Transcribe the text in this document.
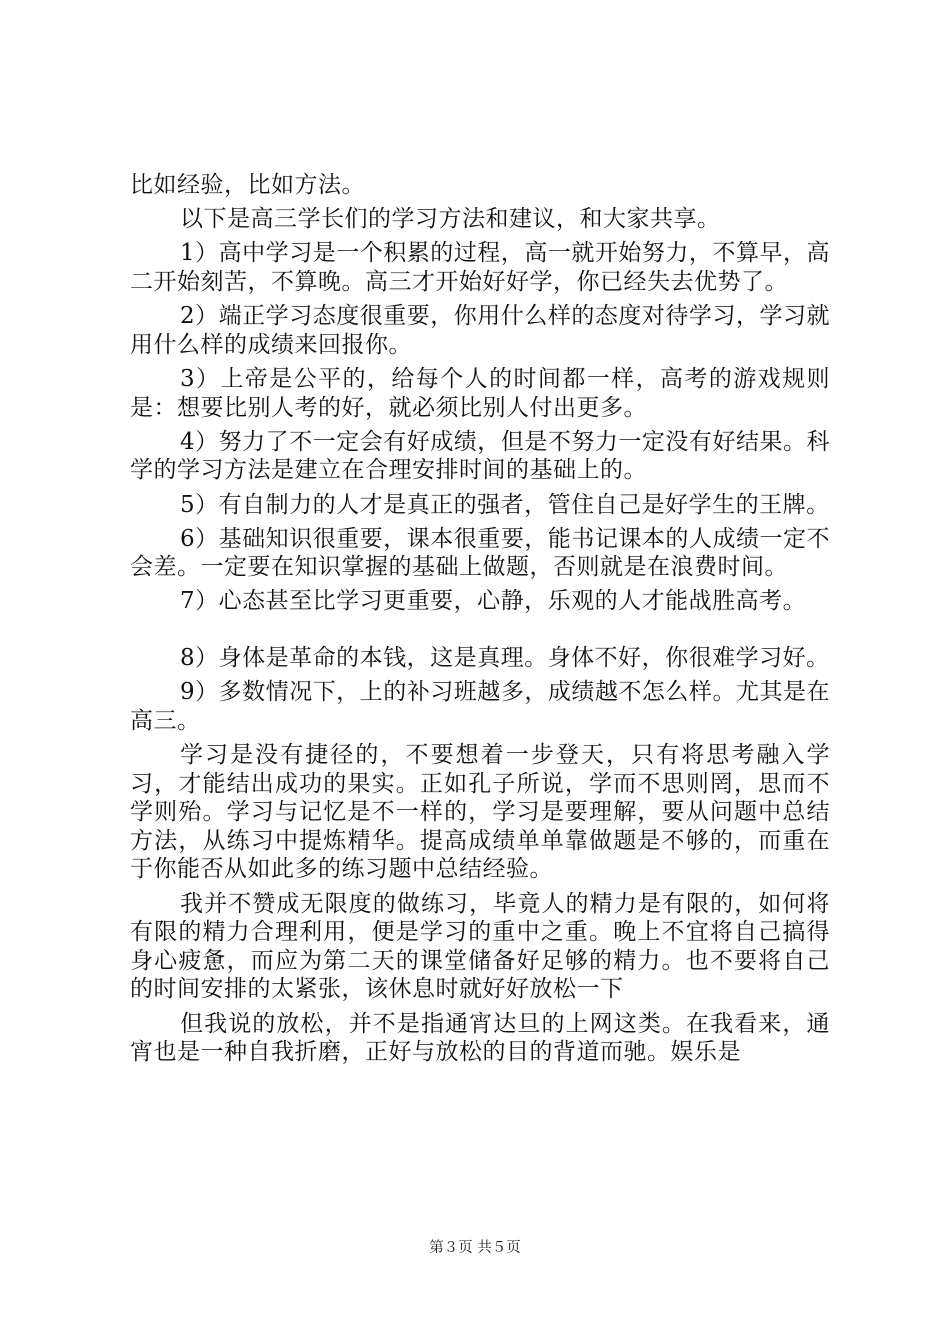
比如经验，比如方法。

以下是高三学长们的学习方法和建议，和大家共享。

1）高中学习是一个积累的过程，高一就开始努力，不算早，高二开始刻苦，不算晚。高三才开始好好学，你已经失去优势了。

2）端正学习态度很重要，你用什么样的态度对待学习，学习就用什么样的成绩来回报你。

3）上帝是公平的，给每个人的时间都一样，高考的游戏规则是：想要比别人考的好，就必须比别人付出更多。

4）努力了不一定会有好成绩，但是不努力一定没有好结果。科学的学习方法是建立在合理安排时间的基础上的。

5）有自制力的人才是真正的强者，管住自己是好学生的王牌。

6）基础知识很重要，课本很重要，能书记课本的人成绩一定不会差。一定要在知识掌握的基础上做题，否则就是在浪费时间。

7）心态甚至比学习更重要，心静，乐观的人才能战胜高考。

8）身体是革命的本钱，这是真理。身体不好，你很难学习好。

9）多数情况下，上的补习班越多，成绩越不怎么样。尤其是在高三。

学习是没有捷径的，不要想着一步登天，只有将思考融入学习，才能结出成功的果实。正如孔子所说，学而不思则罔，思而不学则殆。学习与记忆是不一样的，学习是要理解，要从问题中总结方法，从练习中提炼精华。提高成绩单单靠做题是不够的，而重在于你能否从如此多的练习题中总结经验。

我并不赞成无限度的做练习，毕竟人的精力是有限的，如何将有限的精力合理利用，便是学习的重中之重。晚上不宜将自己搞得身心疲惫，而应为第二天的课堂储备好足够的精力。也不要将自己的时间安排的太紧张，该休息时就好好放松一下

但我说的放松，并不是指通宵达旦的上网这类。在我看来，通宵也是一种自我折磨，正好与放松的目的背道而驰。娱乐是

第３页 共５页
